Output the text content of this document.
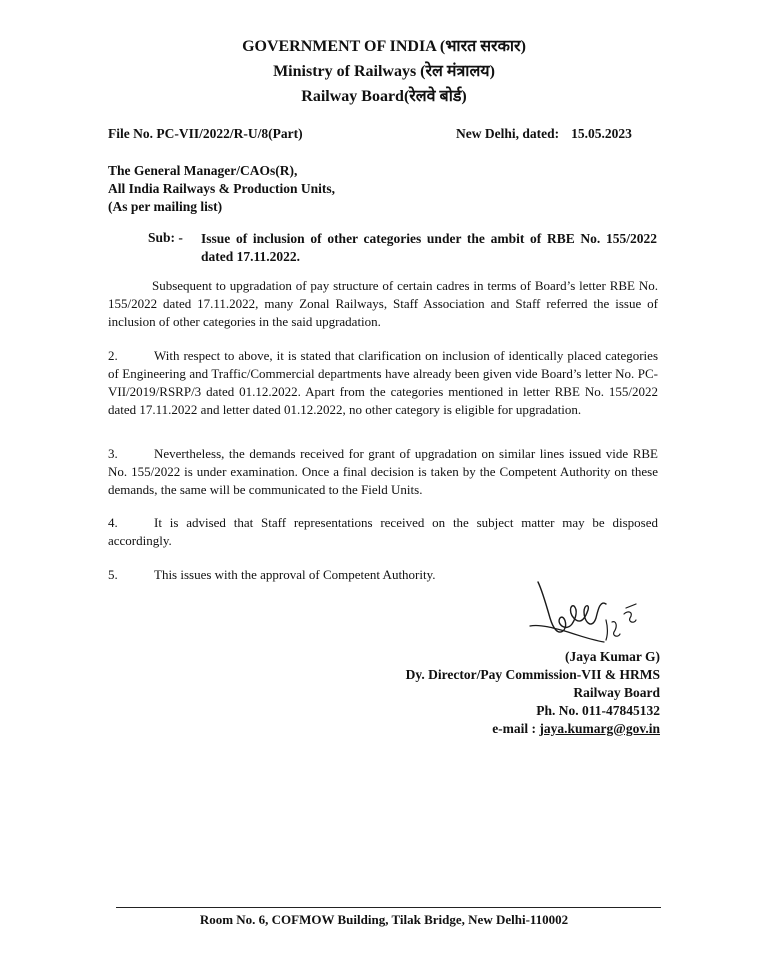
GOVERNMENT OF INDIA (भारत सरकार)
Ministry of Railways (रेल मंत्रालय)
Railway Board(रेलवे बोर्ड)
File No. PC-VII/2022/R-U/8(Part)	New Delhi, dated: 15.05.2023
The General Manager/CAOs(R),
All India Railways & Production Units,
(As per mailing list)
Sub: - Issue of inclusion of other categories under the ambit of RBE No. 155/2022 dated 17.11.2022.
Subsequent to upgradation of pay structure of certain cadres in terms of Board’s letter RBE No. 155/2022 dated 17.11.2022, many Zonal Railways, Staff Association and Staff referred the issue of inclusion of other categories in the said upgradation.
2.	With respect to above, it is stated that clarification on inclusion of identically placed categories of Engineering and Traffic/Commercial departments have already been given vide Board’s letter No. PC-VII/2019/RSRP/3 dated 01.12.2022. Apart from the categories mentioned in letter RBE No. 155/2022 dated 17.11.2022 and letter dated 01.12.2022, no other category is eligible for upgradation.
3.	Nevertheless, the demands received for grant of upgradation on similar lines issued vide RBE No. 155/2022 is under examination. Once a final decision is taken by the Competent Authority on these demands, the same will be communicated to the Field Units.
4.	It is advised that Staff representations received on the subject matter may be disposed accordingly.
5.	This issues with the approval of Competent Authority.
(Jaya Kumar G)
Dy. Director/Pay Commission-VII & HRMS
Railway Board
Ph. No. 011-47845132
e-mail : jaya.kumarg@gov.in
Room No. 6, COFMOW Building, Tilak Bridge, New Delhi-110002
